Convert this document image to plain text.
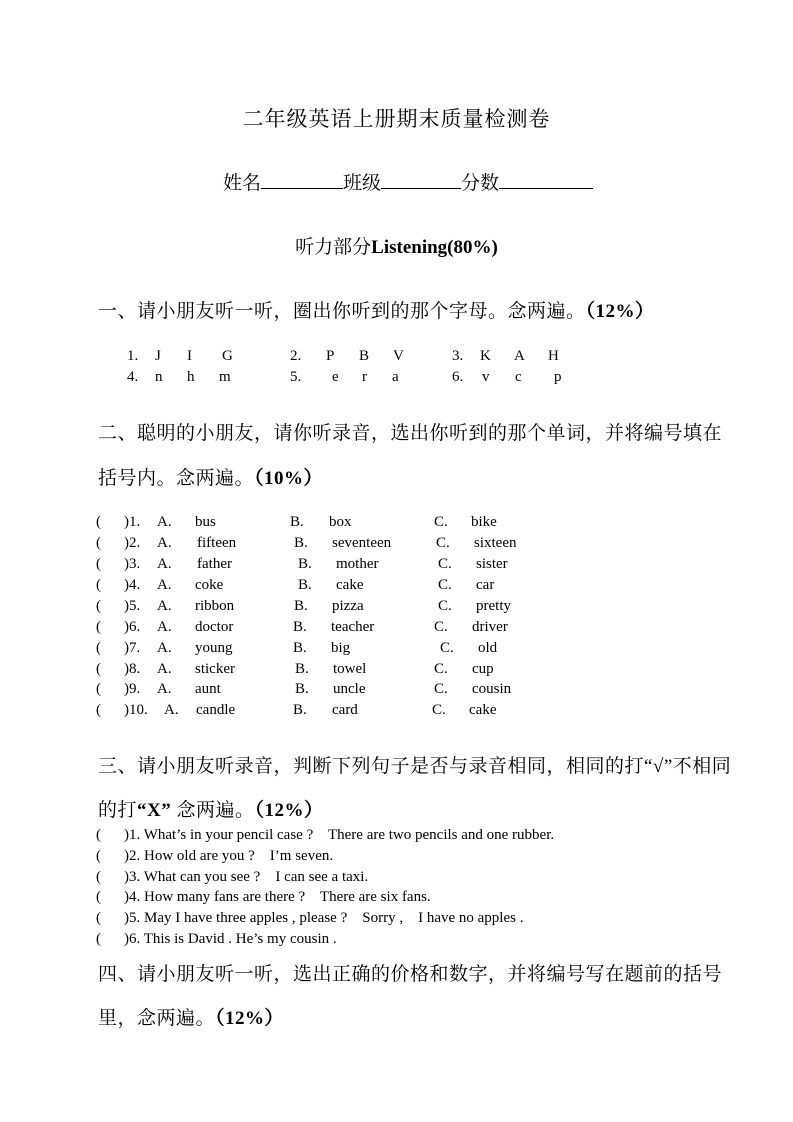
二年级英语上册期末质量检测卷
姓名	班级	分数
听力部分Listening(80%)
一、请小朋友听一听，圈出你听到的那个字母。念两遍。（12%）
1. J I G	2. P B V	3. K A H
4. n h m	5. e r a	6. v c p
二、聪明的小朋友，请你听录音，选出你听到的那个单词，并将编号填在
括号内。念两遍。（10%）
( )1. A. bus	B. box	C. bike
( )2. A. fifteen	B. seventeen	C. sixteen
( )3. A. father	B. mother	C. sister
( )4. A. coke	B. cake	C. car
( )5. A. ribbon	B. pizza	C. pretty
( )6. A. doctor	B. teacher	C. driver
( )7. A. young	B. big	C. old
( )8. A. sticker	B. towel	C. cup
( )9. A. aunt	B. uncle	C. cousin
( )10. A. candle	B. card	C. cake
三、请小朋友听录音，判断下列句子是否与录音相同，相同的打“√”不相同
的打“X” 念两遍。（12%）
( )1. What’s in your pencil case ?    There are two pencils and one rubber.
( )2. How old are you ?    I’m seven.
( )3. What can you see ?    I can see a taxi.
( )4. How many fans are there ?    There are six fans.
( )5. May I have three apples , please ?    Sorry ,    I have no apples .
( )6. This is David . He’s my cousin .
四、请小朋友听一听，选出正确的价格和数字，并将编号写在题前的括号
里，念两遍。（12%）
